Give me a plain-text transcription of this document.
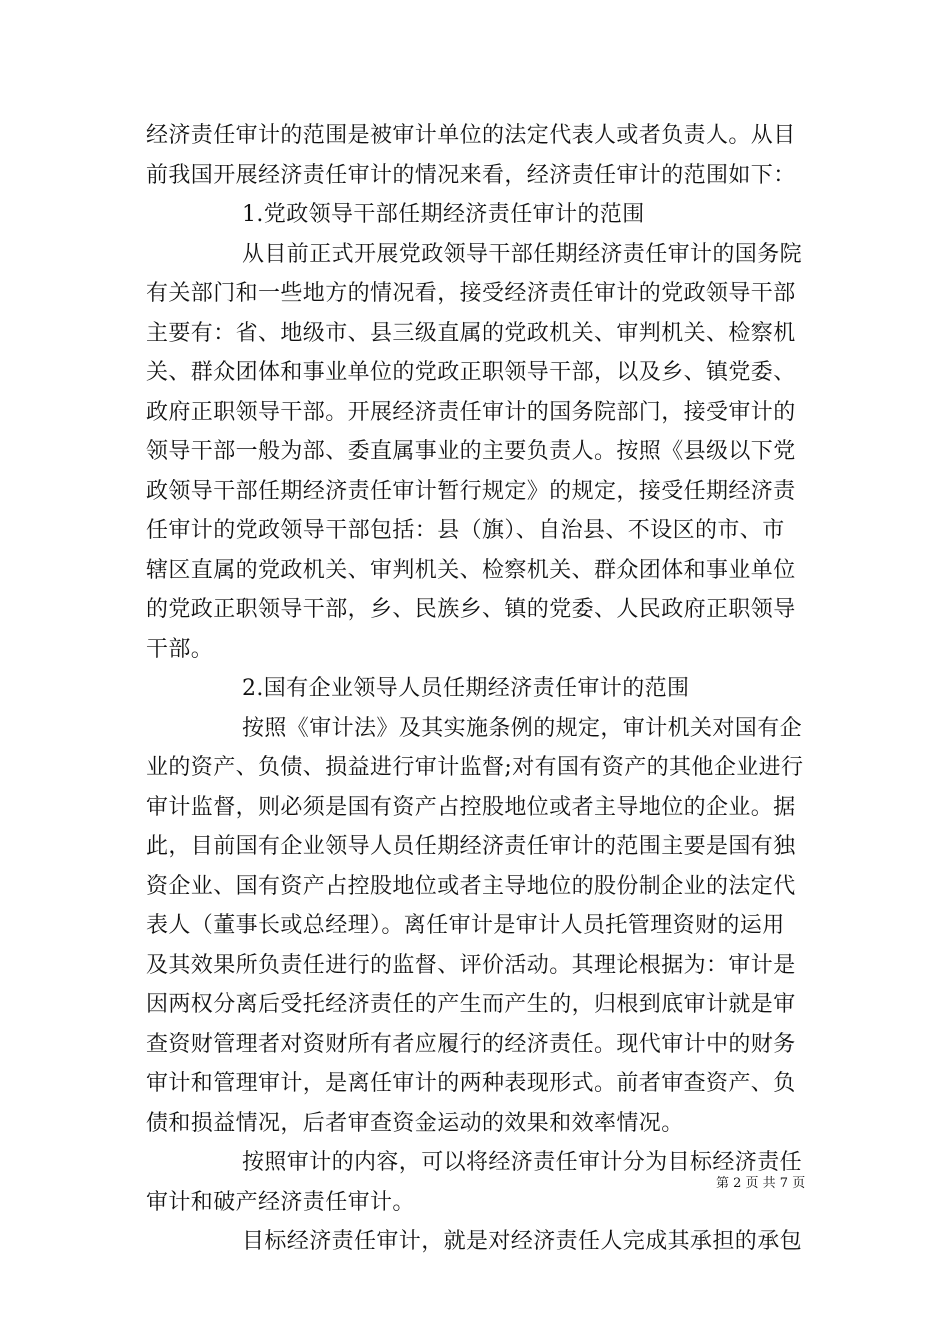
经济责任审计的范围是被审计单位的法定代表人或者负责人。从目
前我国开展经济责任审计的情况来看，经济责任审计的范围如下：
1.党政领导干部任期经济责任审计的范围
从目前正式开展党政领导干部任期经济责任审计的国务院
有关部门和一些地方的情况看，接受经济责任审计的党政领导干部
主要有：省、地级市、县三级直属的党政机关、审判机关、检察机
关、群众团体和事业单位的党政正职领导干部，以及乡、镇党委、
政府正职领导干部。开展经济责任审计的国务院部门，接受审计的
领导干部一般为部、委直属事业的主要负责人。按照《县级以下党
政领导干部任期经济责任审计暂行规定》的规定，接受任期经济责
任审计的党政领导干部包括：县（旗）、自治县、不设区的市、市
辖区直属的党政机关、审判机关、检察机关、群众团体和事业单位
的党政正职领导干部，乡、民族乡、镇的党委、人民政府正职领导
干部。
2.国有企业领导人员任期经济责任审计的范围
按照《审计法》及其实施条例的规定，审计机关对国有企
业的资产、负债、损益进行审计监督;对有国有资产的其他企业进行
审计监督，则必须是国有资产占控股地位或者主导地位的企业。据
此，目前国有企业领导人员任期经济责任审计的范围主要是国有独
资企业、国有资产占控股地位或者主导地位的股份制企业的法定代
表人（董事长或总经理）。离任审计是审计人员托管理资财的运用
及其效果所负责任进行的监督、评价活动。其理论根据为：审计是
因两权分离后受托经济责任的产生而产生的，归根到底审计就是审
查资财管理者对资财所有者应履行的经济责任。现代审计中的财务
审计和管理审计，是离任审计的两种表现形式。前者审查资产、负
债和损益情况，后者审查资金运动的效果和效率情况。
按照审计的内容，可以将经济责任审计分为目标经济责任
审计和破产经济责任审计。
目标经济责任审计，就是对经济责任人完成其承担的承包
第 2 页 共 7 页
